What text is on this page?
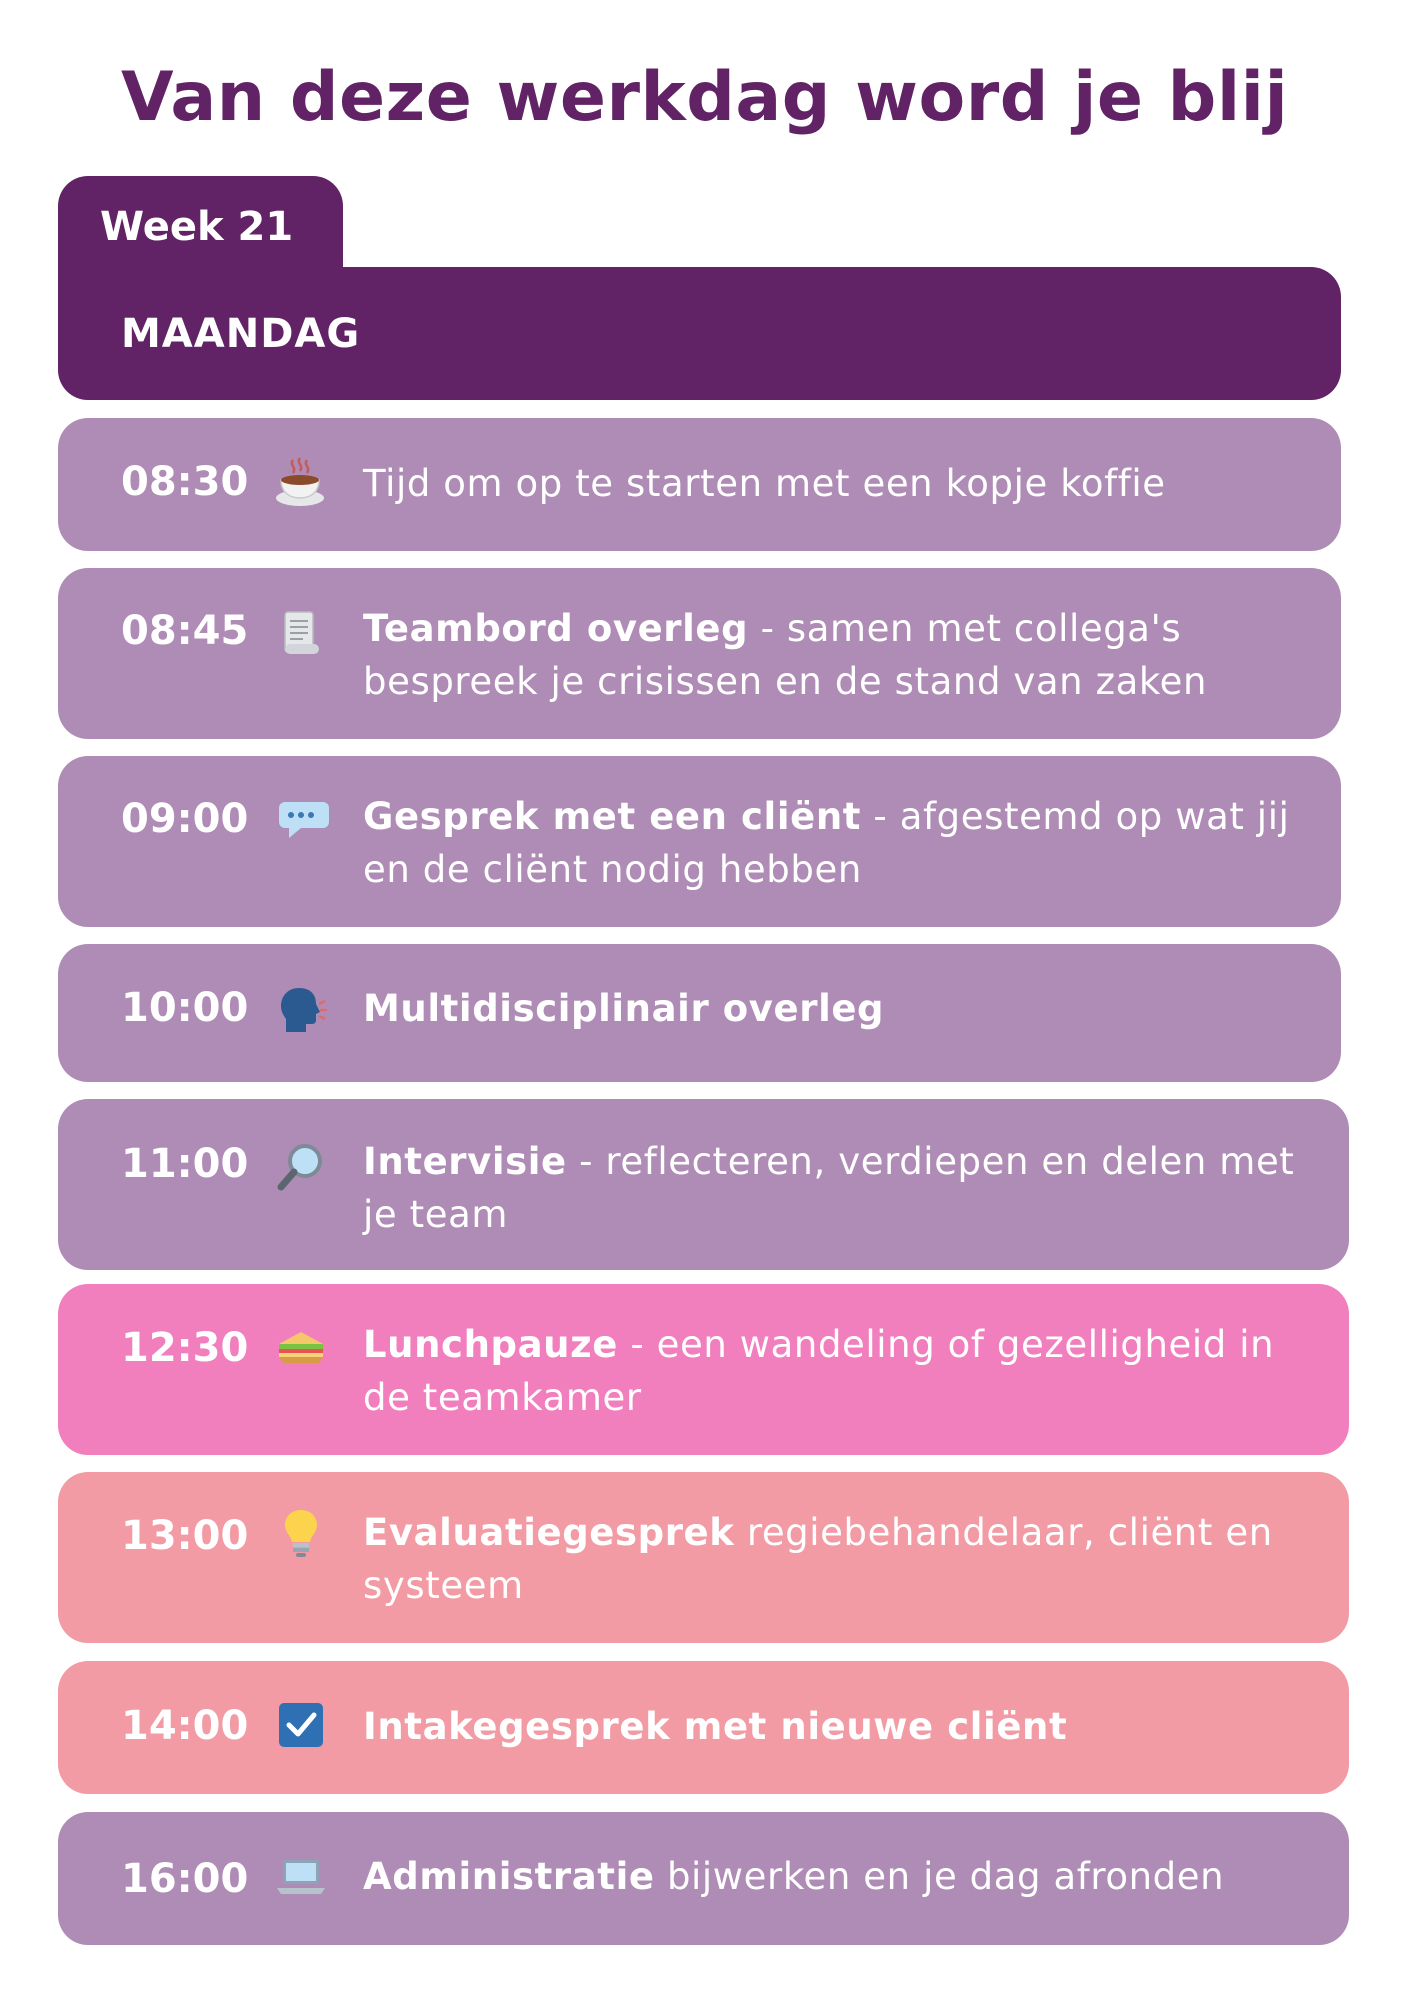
Van deze werkdag word je blij
Week 21
MAANDAG
08:30	Tijd om op te starten met een kopje koffie
08:45	Teambord overleg - samen met collega's bespreek je crisissen en de stand van zaken
09:00	Gesprek met een cliënt - afgestemd op wat jij en de cliënt nodig hebben
10:00	Multidisciplinair overleg
11:00	Intervisie - reflecteren, verdiepen en delen met je team
12:30	Lunchpauze - een wandeling of gezelligheid in  de teamkamer
13:00	Evaluatiegesprek regiebehandelaar, cliënt en systeem
14:00	Intakegesprek met nieuwe cliënt
16:00	Administratie bijwerken en je dag afronden
